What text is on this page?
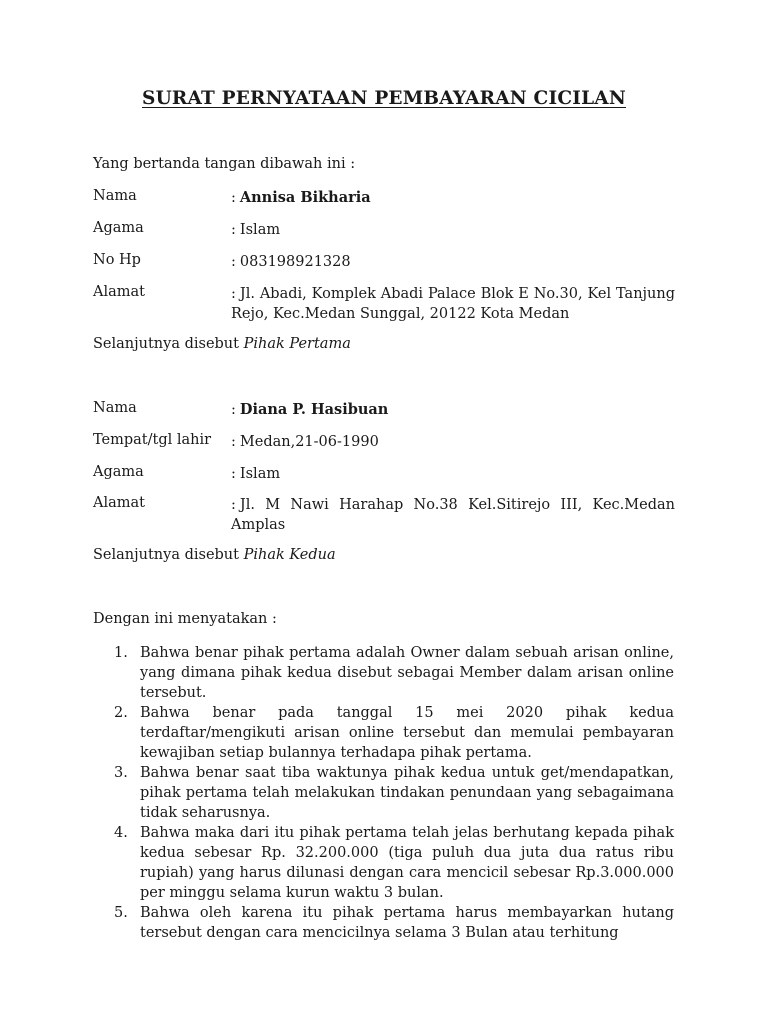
SURAT PERNYATAAN PEMBAYARAN CICILAN
Yang bertanda tangan dibawah ini :
Nama	: Annisa Bikharia
Agama	: Islam
No Hp	: 083198921328
Alamat	: Jl. Abadi, Komplek Abadi Palace Blok E No.30, Kel Tanjung Rejo, Kec.Medan Sunggal, 20122 Kota Medan
Selanjutnya disebut Pihak Pertama
Nama	: Diana P. Hasibuan
Tempat/tgl lahir : Medan,21-06-1990
Agama	: Islam
Alamat	: Jl. M Nawi Harahap No.38 Kel.Sitirejo III, Kec.Medan Amplas
Selanjutnya disebut Pihak Kedua
Dengan ini menyatakan :
1. Bahwa benar pihak pertama adalah Owner dalam sebuah arisan online, yang dimana pihak kedua disebut sebagai Member dalam arisan online tersebut.
2. Bahwa benar pada tanggal 15 mei 2020 pihak kedua terdaftar/mengikuti arisan online tersebut dan memulai pembayaran kewajiban setiap bulannya terhadapa pihak pertama.
3. Bahwa benar saat tiba waktunya pihak kedua untuk get/mendapatkan, pihak pertama telah melakukan tindakan penundaan yang sebagaimana tidak seharusnya.
4. Bahwa maka dari itu pihak pertama telah jelas berhutang kepada pihak kedua sebesar Rp. 32.200.000 (tiga puluh dua juta dua ratus ribu rupiah) yang harus dilunasi dengan cara mencicil sebesar Rp.3.000.000 per minggu selama kurun waktu 3 bulan.
5. Bahwa oleh karena itu pihak pertama harus membayarkan hutang tersebut dengan cara mencicilnya selama 3 Bulan atau terhitung
